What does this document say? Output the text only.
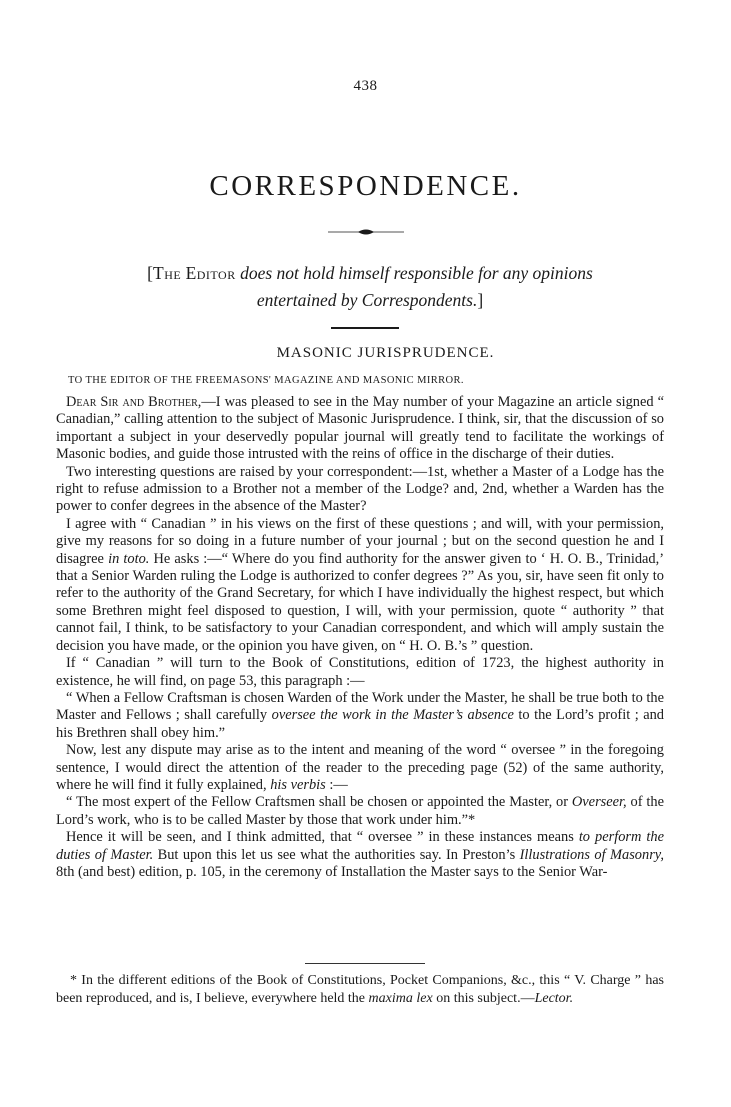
438
CORRESPONDENCE.
[The Editor does not hold himself responsible for any opinions
entertained by Correspondents.]
MASONIC JURISPRUDENCE.
TO THE EDITOR OF THE FREEMASONS' MAGAZINE AND MASONIC MIRROR.

Dear Sir and Brother,—I was pleased to see in the May number of your Magazine an article signed “ Canadian,” calling attention to the subject of Masonic Jurisprudence. I think, sir, that the discussion of so important a subject in your deservedly popular journal will greatly tend to facilitate the workings of Masonic bodies, and guide those intrusted with the reins of office in the discharge of their duties.

Two interesting questions are raised by your correspondent:—1st, whether a Master of a Lodge has the right to refuse admission to a Brother not a member of the Lodge? and, 2nd, whether a Warden has the power to confer degrees in the absence of the Master?

I agree with “ Canadian ” in his views on the first of these questions ; and will, with your permission, give my reasons for so doing in a future number of your journal ; but on the second question he and I disagree in toto. He asks :—“ Where do you find authority for the answer given to ‘ H. O. B., Trinidad,’ that a Senior Warden ruling the Lodge is authorized to confer degrees ?” As you, sir, have seen fit only to refer to the authority of the Grand Secretary, for which I have individually the highest respect, but which some Brethren might feel disposed to question, I will, with your permission, quote “ authority ” that cannot fail, I think, to be satisfactory to your Canadian correspondent, and which will amply sustain the decision you have made, or the opinion you have given, on “ H. O. B.’s ” question.

If “ Canadian ” will turn to the Book of Constitutions, edition of 1723, the highest authority in existence, he will find, on page 53, this paragraph :—

“ When a Fellow Craftsman is chosen Warden of the Work under the Master, he shall be true both to the Master and Fellows ; shall carefully oversee the work in the Master’s absence to the Lord’s profit ; and his Brethren shall obey him.”

Now, lest any dispute may arise as to the intent and meaning of the word “ oversee ” in the foregoing sentence, I would direct the attention of the reader to the preceding page (52) of the same authority, where he will find it fully explained, his verbis :—

“ The most expert of the Fellow Craftsmen shall be chosen or appointed the Master, or Overseer, of the Lord’s work, who is to be called Master by those that work under him.”*

Hence it will be seen, and I think admitted, that “ oversee ” in these instances means to perform the duties of Master. But upon this let us see what the authorities say. In Preston’s Illustrations of Masonry, 8th (and best) edition, p. 105, in the ceremony of Installation the Master says to the Senior War-

* In the different editions of the Book of Constitutions, Pocket Companions, &c., this “ V. Charge ” has been reproduced, and is, I believe, everywhere held the maxima lex on this subject.—Lector.
